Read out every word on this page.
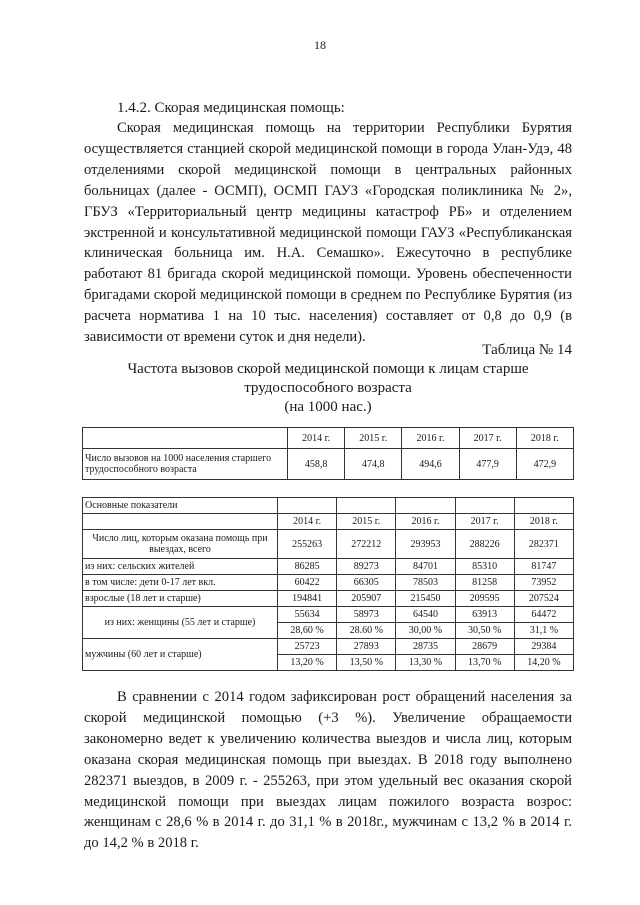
18
1.4.2. Скорая медицинская помощь:

Скорая медицинская помощь на территории Республики Бурятия осуществляется станцией скорой медицинской помощи в города Улан-Удэ, 48 отделениями скорой медицинской помощи в центральных районных больницах (далее - ОСМП), ОСМП ГАУЗ «Городская поликлиника № 2», ГБУЗ «Территориальный центр медицины катастроф РБ» и отделением экстренной и консультативной медицинской помощи ГАУЗ «Республиканская клиническая больница им. Н.А. Семашко». Ежесуточно в республике работают 81 бригада скорой медицинской помощи. Уровень обеспеченности бригадами скорой медицинской помощи в среднем по Республике Бурятия (из расчета норматива 1 на 10 тыс. населения) составляет от 0,8 до 0,9 (в зависимости от времени суток и дня недели).

Таблица № 14
Частота вызовов скорой медицинской помощи к лицам старше
трудоспособного возраста
(на 1000 нас.)
	2014 г.	2015 г.	2016 г.	2017 г.	2018 г.
Число вызовов на 1000 населения старшего трудоспособного возраста	458,8	474,8	494,6	477,9	472,9
Основные показатели					
	2014 г.	2015 г.	2016 г.	2017 г.	2018 г.
Число лиц, которым оказана помощь при выездах, всего	255263	272212	293953	288226	282371
из них: сельских жителей	86285	89273	84701	85310	81747
в том числе: дети 0-17 лет вкл.	60422	66305	78503	81258	73952
взрослые (18 лет и старше)	194841	205907	215450	209595	207524
из них: женщины (55 лет и старше)	55634	58973	64540	63913	64472
	28,60 %	28.60 %	30,00 %	30,50 %	31,1 %
мужчины (60 лет и старше)	25723	27893	28735	28679	29384
	13,20 %	13,50 %	13,30 %	13,70 %	14,20 %

В сравнении с 2014 годом зафиксирован рост обращений населения за скорой медицинской помощью (+3 %). Увеличение обращаемости закономерно ведет к увеличению количества выездов и числа лиц, которым оказана скорая медицинская помощь при выездах. В 2018 году выполнено 282371 выездов, в 2009 г. - 255263, при этом удельный вес оказания скорой медицинской помощи при выездах лицам пожилого возраста возрос: женщинам с 28,6 % в 2014 г. до 31,1 % в 2018г., мужчинам с 13,2 % в 2014 г. до 14,2 % в 2018 г.
